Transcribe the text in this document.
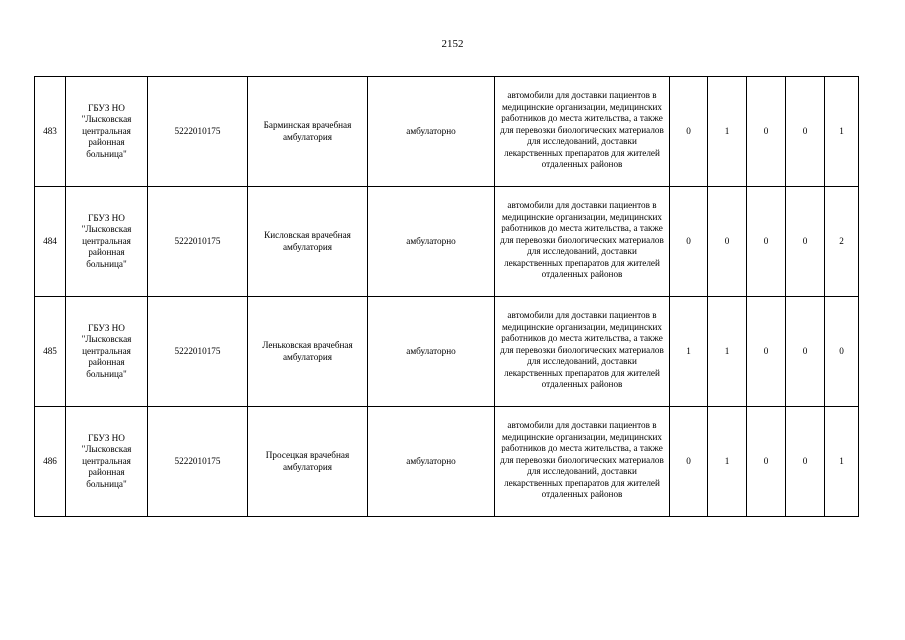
2152
483	ГБУЗ НО "Лысковская центральная районная больница"	5222010175	Барминская врачебная амбулатория	амбулаторно	автомобили для доставки пациентов в медицинские организации, медицинских работников до места жительства, а также для перевозки биологических материалов для исследований, доставки лекарственных препаратов для жителей отдаленных районов	0	1	0	0	1
484	ГБУЗ НО "Лысковская центральная районная больница"	5222010175	Кисловская врачебная амбулатория	амбулаторно	автомобили для доставки пациентов в медицинские организации, медицинских работников до места жительства, а также для перевозки биологических материалов для исследований, доставки лекарственных препаратов для жителей отдаленных районов	0	0	0	0	2
485	ГБУЗ НО "Лысковская центральная районная больница"	5222010175	Леньковская врачебная амбулатория	амбулаторно	автомобили для доставки пациентов в медицинские организации, медицинских работников до места жительства, а также для перевозки биологических материалов для исследований, доставки лекарственных препаратов для жителей отдаленных районов	1	1	0	0	0
486	ГБУЗ НО "Лысковская центральная районная больница"	5222010175	Просецкая врачебная амбулатория	амбулаторно	автомобили для доставки пациентов в медицинские организации, медицинских работников до места жительства, а также для перевозки биологических материалов для исследований, доставки лекарственных препаратов для жителей отдаленных районов	0	1	0	0	1
